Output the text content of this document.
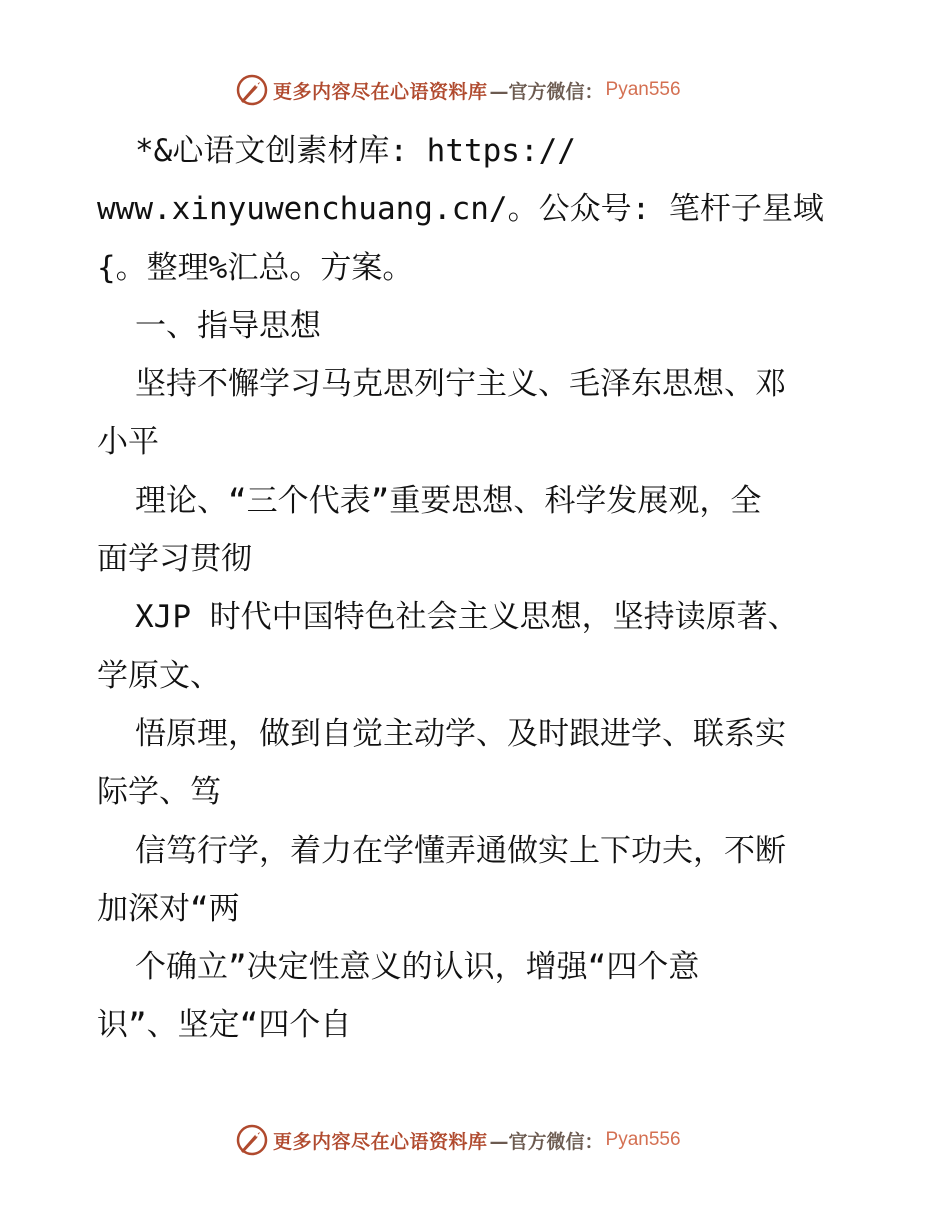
更多内容尽在心语资料库 —官方微信： Pyan556
*&心语文创素材库: https://
www.xinyuwenchuang.cn/。公众号: 笔杆子星域
{。整理%汇总。方案。
一、指导思想
坚持不懈学习马克思列宁主义、毛泽东思想、邓
小平
理论、“三个代表”重要思想、科学发展观，全
面学习贯彻
XJP 时代中国特色社会主义思想，坚持读原著、
学原文、
悟原理，做到自觉主动学、及时跟进学、联系实
际学、笃
信笃行学，着力在学懂弄通做实上下功夫，不断
加深对“两
个确立”决定性意义的认识，增强“四个意
识”、坚定“四个自
更多内容尽在心语资料库 —官方微信： Pyan556
